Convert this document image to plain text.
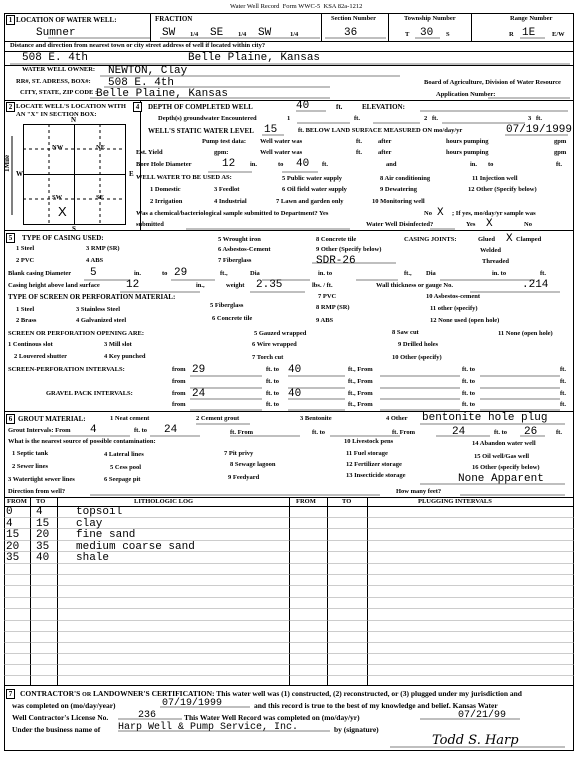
Water Well Record Form WWC-5 KSA 82a-1212
1 LOCATION OF WATER WELL:
Sumner
FRACTION
SW 1/4 SE 1/4 SW	1/4
Section Number
36
Township Number
T 30 S
Range Number
R 1E	E/W
Distance and direction from nearest town or city street address of well if located within city?
508 E. 4th	Belle Plaine, Kansas
WATER WELL OWNER: NEWTON, Clay
RR#, ST. ADRESS, BOX#: 508 E. 4th	Board of Agriculture, Division of Water Resource
CITY, STATE, ZIP CODE :
Belle Plaine, Kansas	Application Number:
2 LOCATE WELL'S LOCATION WITH AN "X" IN SECTION BOX:
N
S
W	E
NW	NE
SW	SE
1Mile
X
4	DEPTH OF COMPLETED WELL	40	ft.	ELEVATION:
Depth(s) groundwater Encountered	1	ft.	2 ft.	3 ft.
WELL'S STATIC WATER LEVEL 15	ft. BELOW LAND SURFACE MEASURED ON mo/day/yr	07/19/1999
Pump test data: Well water was	ft. after	hours pumping	gpm
Est. Yield	gpm:	Well water was	ft. after	hours pumping	gpm
Bore Hole Diameter	12 in.	to 40 ft.	and	in. to	ft.
WELL WATER TO BE USED AS:
1 Domestic	3 Feedlot
5 Public water supply
6 Oil field water supply
7 Lawn and garden only
8 Air conditioning
9 Dewatering
10 Monitoring well
11 Injection well
12 Other (Specify below)
2 Irrigation	4 Industrial
Was a chemical/bacteriological sample submitted to Department? Yes	No X ; If yes, mo/day/yr sample was
submitted	Water Well Disinfected?	Yes X	No
5	TYPE OF CASING USED:
1 Steel
2 PVC
3 RMP (SR)
4 ABS
5 Wrought iron
6 Asbestos-Cement
7 Fiberglass
8 Concrete tile
9 Other (Specify below)
SDR-26
CASING JOINTS:	Glued X Clamped
Welded
Threaded
Blank casing Diameter 5	in.	to 29	ft.,	Dia	in. to	ft., Dia	in. to	ft.
Casing height above land surface 12	in.,	weight 2.35	lbs. / ft.	Wall thickness or gauge No.	.214
TYPE OF SCREEN OR PERFORATION MATERIAL:
1 Steel
2 Brass
3 Stainless Steel
4 Galvanized steel
5 Fiberglass
6 Concrete tile
7 PVC
8 RMP (SR)
9 ABS
10 Asbestos-cement
11 other (specify)
12 None used (open hole)
SCREEN OR PERFORATION OPENING ARE:
1 Continous slot
2 Louvered shutter
3 Mill slot
4 Key punched
5 Gauzed wrapped
6 Wire wrapped
7 Torch cut
8 Saw cut
9 Drilled holes
10 Other (specify)
11 None (open hole)
SCREEN-PERFORATION INTERVALS:	from 29	ft. to 40	ft., From	ft. to	ft.
from	ft. to	ft., From	ft. to	ft.
GRAVEL PACK INTERVALS:	from 24	ft. to 40	ft., From	ft. to	ft.
from	ft. to	ft., From	ft. to	ft.
6 GROUT MATERIAL:	1 Neat cement	2 Cement grout	3 Bentonite	4 Other bentonite hole plug
Grout Intervals: From 4	ft. to 24	ft. From	ft. to	ft. From	24	ft. to 26	ft.
What is the nearest source of possible contamination:
1 Septic tank
2 Sewer lines
3 Watertight sewer lines
4 Lateral lines
5 Cess pool
6 Seepage pit
7 Pit privy
8 Sewage lagoon
9 Feedyard
10 Livestock pens
11 Fuel storage
12 Fertilizer storage
13 Insecticide storage
14 Abandon water well
15 Oil well/Gas well
16 Other (specify below)
None Apparent
Direction from well?	How many feet?
FROM TO	LITHOLOGIC LOG	FROM	TO	PLUGGING INTERVALS
0 4	topsoil
4 15 clay
15 20 fine sand
20 35 medium coarse sand
35 40 shale
7	CONTRACTOR'S OR LANDOWNER'S CERTIFICATION: This water well was (1) constructed, (2) reconstructed, or (3) plugged under my jurisdiction and
was completed on (mo/day/year)	07/19/1999	and this record is true to the best of my knowledge and belief. Kansas Water
Well Contractor's License No.	236	This Water Well Record was completed on (mo/day/yr)	07/21/99
Under the business name of Harp Well & Pump Service, Inc.	by (signature)
Todd S. Harp
